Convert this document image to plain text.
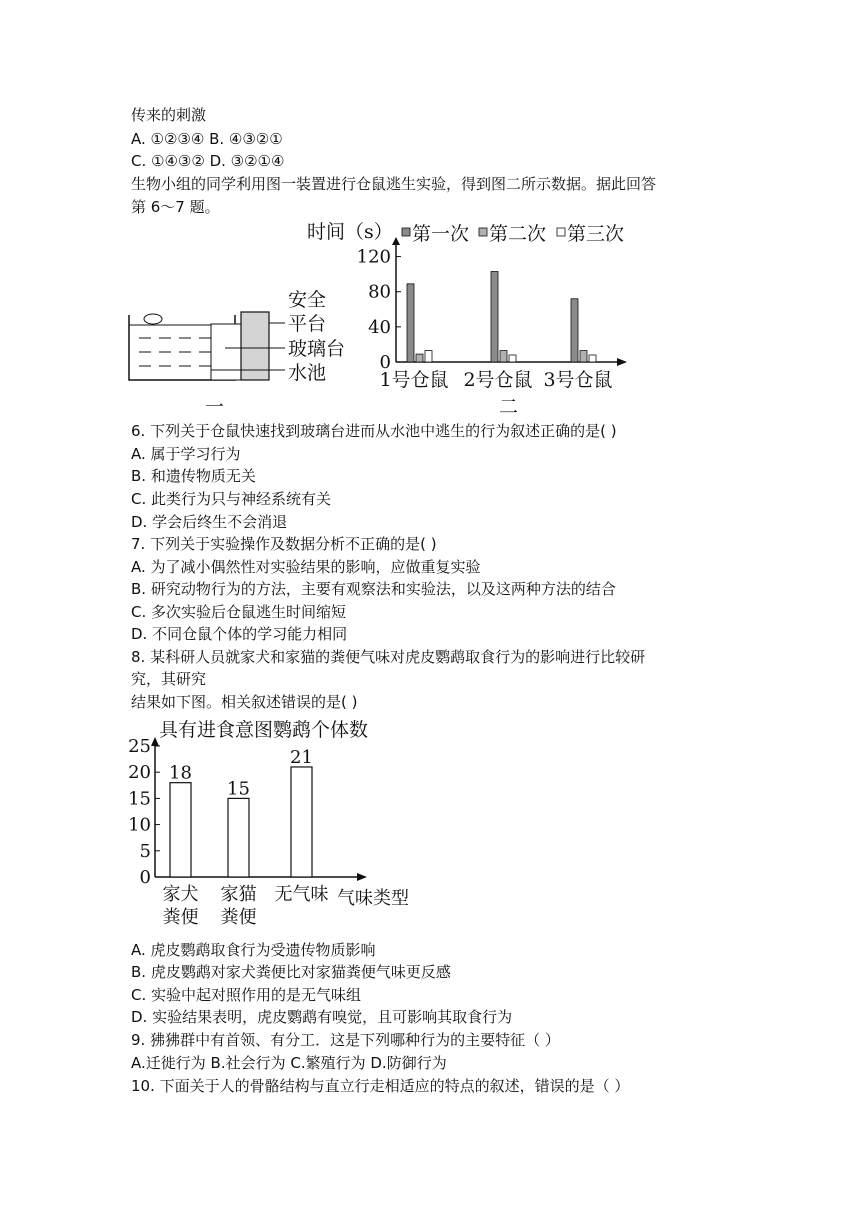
传来的刺激
A. ①②③④ B. ④③②①
C. ①④③② D. ③②①④
生物小组的同学利用图一装置进行仓鼠逃生实验，得到图二所示数据。据此回答
第 6～7 题。
安全
平台
玻璃台
水池
一
时间（s） 第一次 第二次 第三次
二
0
40
80
120
1号仓鼠 2号仓鼠 3号仓鼠
6. 下列关于仓鼠快速找到玻璃台进而从水池中逃生的行为叙述正确的是( )
A. 属于学习行为
B. 和遗传物质无关
C. 此类行为只与神经系统有关
D. 学会后终生不会消退
7. 下列关于实验操作及数据分析不正确的是( )
A. 为了减小偶然性对实验结果的影响，应做重复实验
B. 研究动物行为的方法，主要有观察法和实验法，以及这两种方法的结合
C. 多次实验后仓鼠逃生时间缩短
D. 不同仓鼠个体的学习能力相同
8. 某科研人员就家犬和家猫的粪便气味对虎皮鹦鹉取食行为的影响进行比较研
究，其研究
结果如下图。相关叙述错误的是( )
具有进食意图鹦鹉个体数
气味类型
0
5
10
15
20
25
18
家犬
粪便
15
家猫
粪便
21
无气味
A. 虎皮鹦鹉取食行为受遗传物质影响
B. 虎皮鹦鹉对家犬粪便比对家猫粪便气味更反感
C. 实验中起对照作用的是无气味组
D. 实验结果表明，虎皮鹦鹉有嗅觉，且可影响其取食行为
9. 狒狒群中有首领、有分工．这是下列哪种行为的主要特征（ ）
A.迁徙行为 B.社会行为 C.繁殖行为 D.防御行为
10. 下面关于人的骨骼结构与直立行走相适应的特点的叙述，错误的是（ ）
